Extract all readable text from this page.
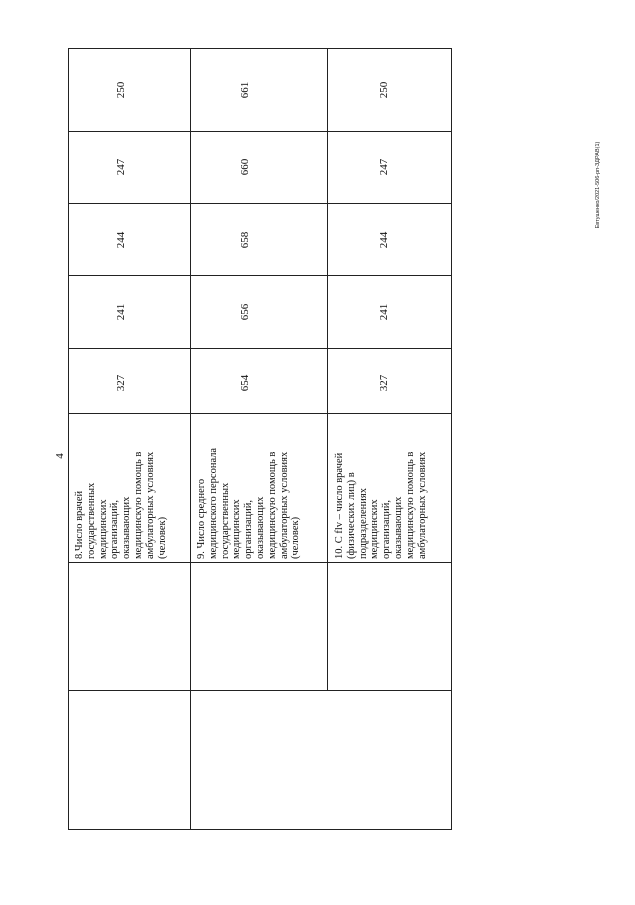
4
Евтушенко/2021-506-рп-ЗДРАВ(1)
8.Число врачей государственных медицинских организаций, оказывающих медицинскую помощь в амбулаторных условиях (человек)	9. Число среднего медицинского персонала государственных медицинских организаций, оказывающих медицинскую помощь в амбулаторных условиях (человек)	10. С flv – число врачей (физических лиц) в подразделениях медицинских организаций, оказывающих медицинскую помощь в амбулаторных условиях
327
241
244
247
250
654
656
658
660
661
327
241
244
247
250
